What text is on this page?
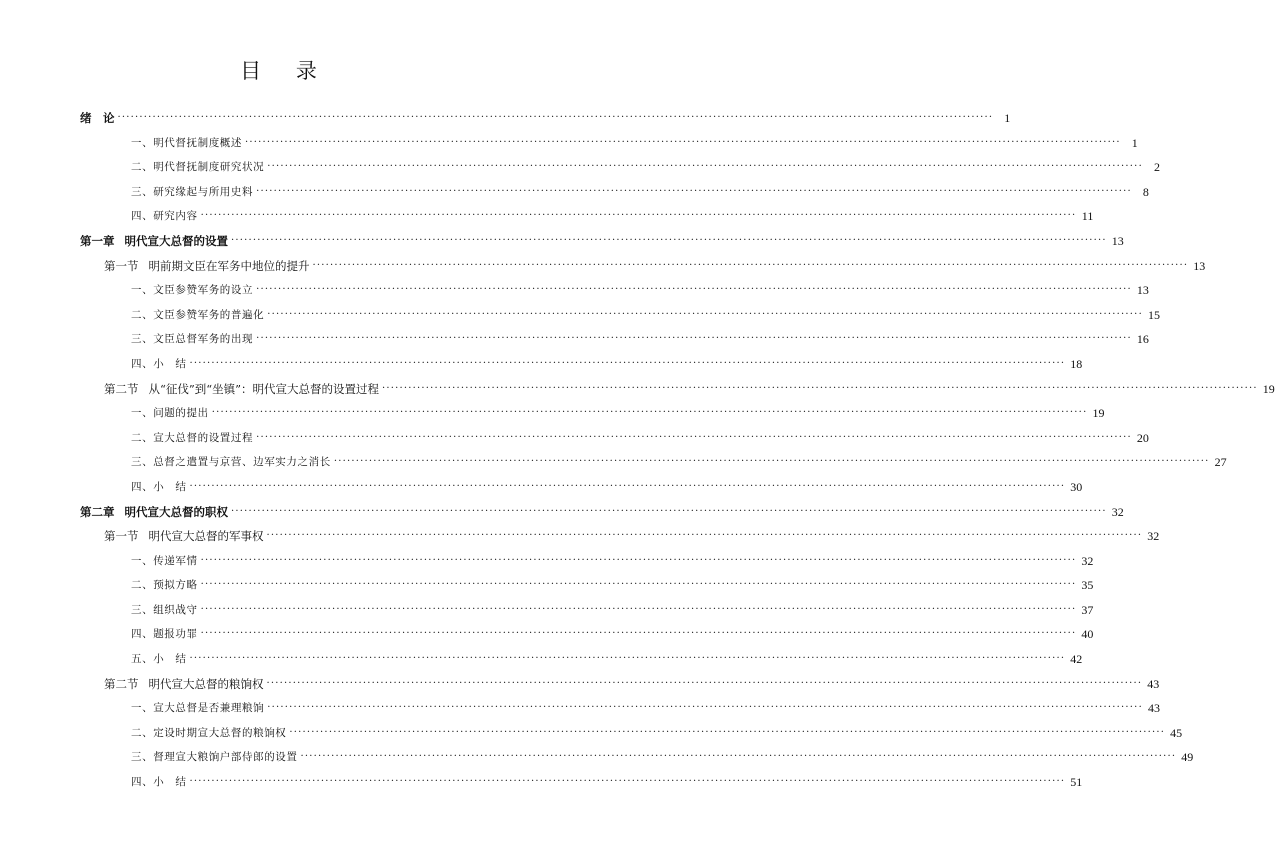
目 录
绪　论 ········································································································································································································ 1
一、明代督抚制度概述 ········································································································································································································ 1
二、明代督抚制度研究状况 ········································································································································································································ 2
三、研究缘起与所用史料 ········································································································································································································ 8
四、研究内容 ········································································································································································································ 11
第一章 明代宣大总督的设置 ········································································································································································································ 13
第一节 明前期文臣在军务中地位的提升 ········································································································································································································ 13
一、文臣参赞军务的设立 ········································································································································································································ 13
二、文臣参赞军务的普遍化 ········································································································································································································ 15
三、文臣总督军务的出现 ········································································································································································································ 16
四、小　结 ········································································································································································································ 18
第二节 从“征伐”到“坐镇”：明代宣大总督的设置过程 ········································································································································································································ 19
一、问题的提出 ········································································································································································································ 19
二、宣大总督的设置过程 ········································································································································································································ 20
三、总督之遣置与京营、边军实力之消长 ········································································································································································································ 27
四、小　结 ········································································································································································································ 30
第二章 明代宣大总督的职权 ········································································································································································································ 32
第一节 明代宣大总督的军事权 ········································································································································································································ 32
一、传递军情 ········································································································································································································ 32
二、预拟方略 ········································································································································································································ 35
三、组织战守 ········································································································································································································ 37
四、题报功罪 ········································································································································································································ 40
五、小　结 ········································································································································································································ 42
第二节 明代宣大总督的粮饷权 ········································································································································································································ 43
一、宣大总督是否兼理粮饷 ········································································································································································································ 43
二、定设时期宣大总督的粮饷权 ········································································································································································································ 45
三、督理宣大粮饷户部侍郎的设置 ········································································································································································································ 49
四、小　结 ········································································································································································································ 51
